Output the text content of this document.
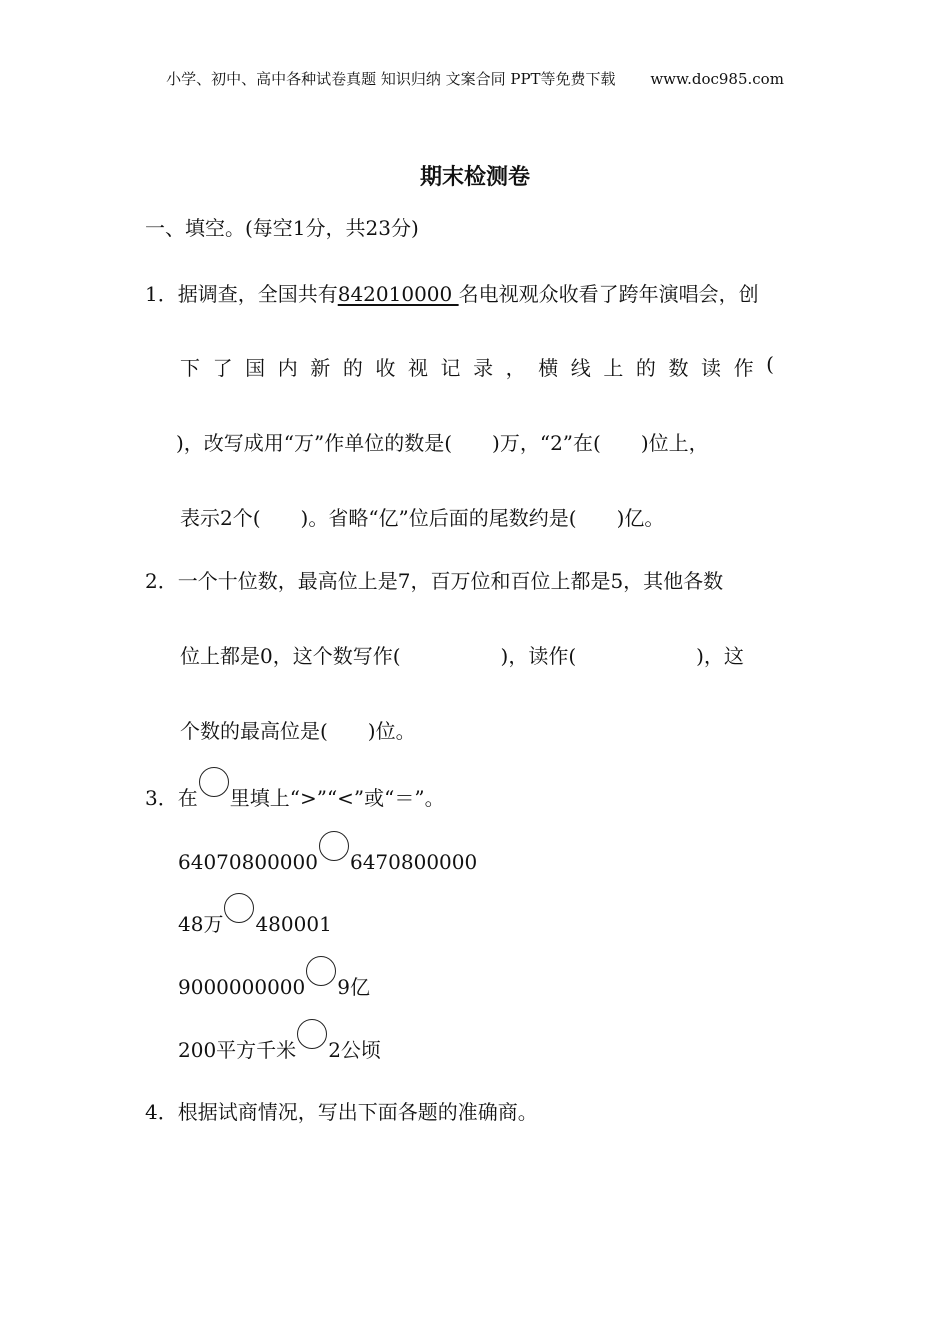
小学、初中、高中各种试卷真题 知识归纳 文案合同 PPT等免费下载 www.doc985.com
期末检测卷
一、填空。(每空1分，共23分)
1．据调查，全国共有842010000 名电视观众收看了跨年演唱会，创
下 了 国 内 新 的 收 视 记 录 ， 横 线 上 的 数 读 作 (
)，改写成用“万”作单位的数是(　　)万，“2”在(　　)位上，
表示2个(　　)。省略“亿”位后面的尾数约是(　　)亿。
2．一个十位数，最高位上是7，百万位和百位上都是5，其他各数
位上都是0，这个数写作(　　　　　)，读作(　　　　　　)，这
个数的最高位是(　　)位。
3．在 里填上“>”“<”或“＝”。
64070800000 6470800000
48万 480001
9000000000 9亿
200平方千米 2公顷
4．根据试商情况，写出下面各题的准确商。
